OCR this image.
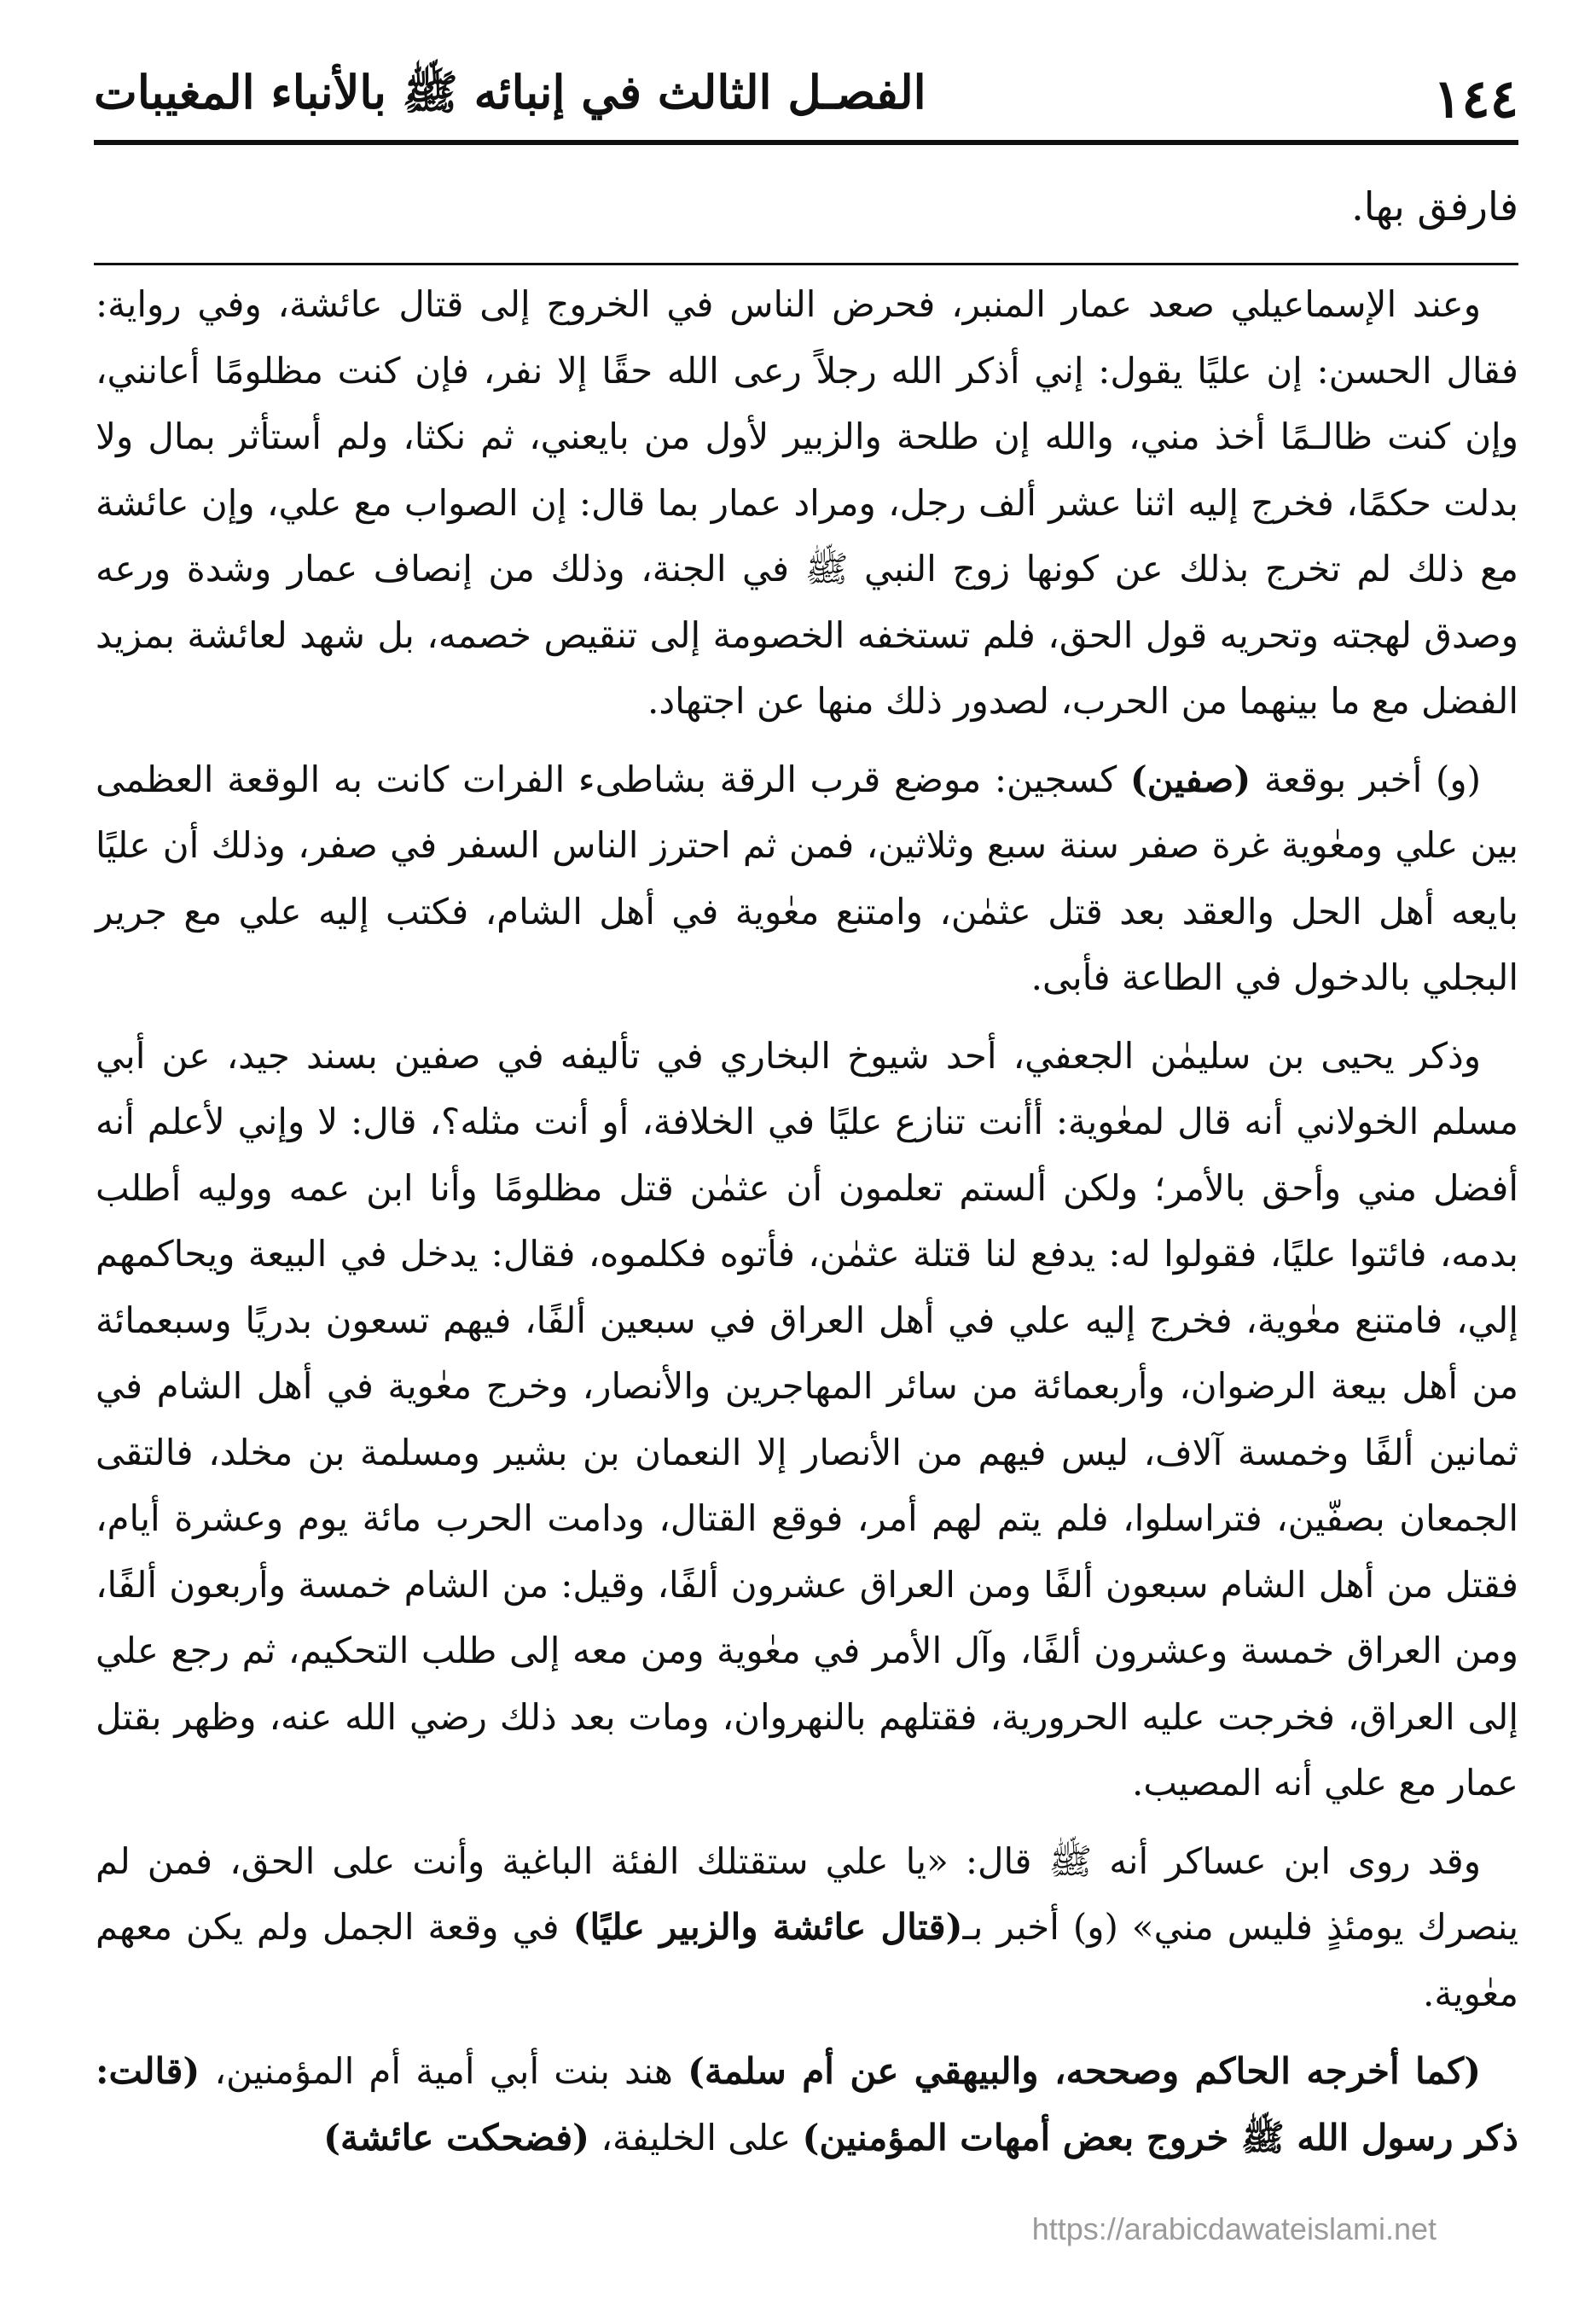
١٤٤
الفصـل الثالث في إنبائه ﷺ بالأنباء المغيبات
فارفق بها.

وعند الإسماعيلي صعد عمار المنبر، فحرض الناس في الخروج إلى قتال عائشة، وفي رواية: فقال الحسن: إن عليًا يقول: إني أذكر الله رجلاً رعى الله حقًا إلا نفر، فإن كنت مظلومًا أعانني، وإن كنت ظالـمًا أخذ مني، والله إن طلحة والزبير لأول من بايعني، ثم نكثا، ولم أستأثر بمال ولا بدلت حكمًا، فخرج إليه اثنا عشر ألف رجل، ومراد عمار بما قال: إن الصواب مع علي، وإن عائشة مع ذلك لم تخرج بذلك عن كونها زوج النبي ﷺ في الجنة، وذلك من إنصاف عمار وشدة ورعه وصدق لهجته وتحريه قول الحق، فلم تستخفه الخصومة إلى تنقيص خصمه، بل شهد لعائشة بمزيد الفضل مع ما بينهما من الحرب، لصدور ذلك منها عن اجتهاد.

(و) أخبر بوقعة (صفين) كسجين: موضع قرب الرقة بشاطىء الفرات كانت به الوقعة العظمى بين علي ومعٰوية غرة صفر سنة سبع وثلاثين، فمن ثم احترز الناس السفر في صفر، وذلك أن عليًا بايعه أهل الحل والعقد بعد قتل عثمٰن، وامتنع معٰوية في أهل الشام، فكتب إليه علي مع جرير البجلي بالدخول في الطاعة فأبى.

وذكر يحيى بن سليمٰن الجعفي، أحد شيوخ البخاري في تأليفه في صفين بسند جيد، عن أبي مسلم الخولاني أنه قال لمعٰوية: أأنت تنازع عليًا في الخلافة، أو أنت مثله؟، قال: لا وإني لأعلم أنه أفضل مني وأحق بالأمر؛ ولكن ألستم تعلمون أن عثمٰن قتل مظلومًا وأنا ابن عمه ووليه أطلب بدمه، فائتوا عليًا، فقولوا له: يدفع لنا قتلة عثمٰن، فأتوه فكلموه، فقال: يدخل في البيعة ويحاكمهم إلي، فامتنع معٰوية، فخرج إليه علي في أهل العراق في سبعين ألفًا، فيهم تسعون بدريًا وسبعمائة من أهل بيعة الرضوان، وأربعمائة من سائر المهاجرين والأنصار، وخرج معٰوية في أهل الشام في ثمانين ألفًا وخمسة آلاف، ليس فيهم من الأنصار إلا النعمان بن بشير ومسلمة بن مخلد، فالتقى الجمعان بصفّين، فتراسلوا، فلم يتم لهم أمر، فوقع القتال، ودامت الحرب مائة يوم وعشرة أيام، فقتل من أهل الشام سبعون ألفًا ومن العراق عشرون ألفًا، وقيل: من الشام خمسة وأربعون ألفًا، ومن العراق خمسة وعشرون ألفًا، وآل الأمر في معٰوية ومن معه إلى طلب التحكيم، ثم رجع علي إلى العراق، فخرجت عليه الحرورية، فقتلهم بالنهروان، ومات بعد ذلك رضي الله عنه، وظهر بقتل عمار مع علي أنه المصيب.

وقد روى ابن عساكر أنه ﷺ قال: «يا علي ستقتلك الفئة الباغية وأنت على الحق، فمن لم ينصرك يومئذٍ فليس مني» (و) أخبر بـ(قتال عائشة والزبير عليًا) في وقعة الجمل ولم يكن معهم معٰوية.

(كما أخرجه الحاكم وصححه، والبيهقي عن أم سلمة) هند بنت أبي أمية أم المؤمنين، (قالت: ذكر رسول الله ﷺ خروج بعض أمهات المؤمنين) على الخليفة، (فضحكت عائشة)

https://arabicdawateislami.net
